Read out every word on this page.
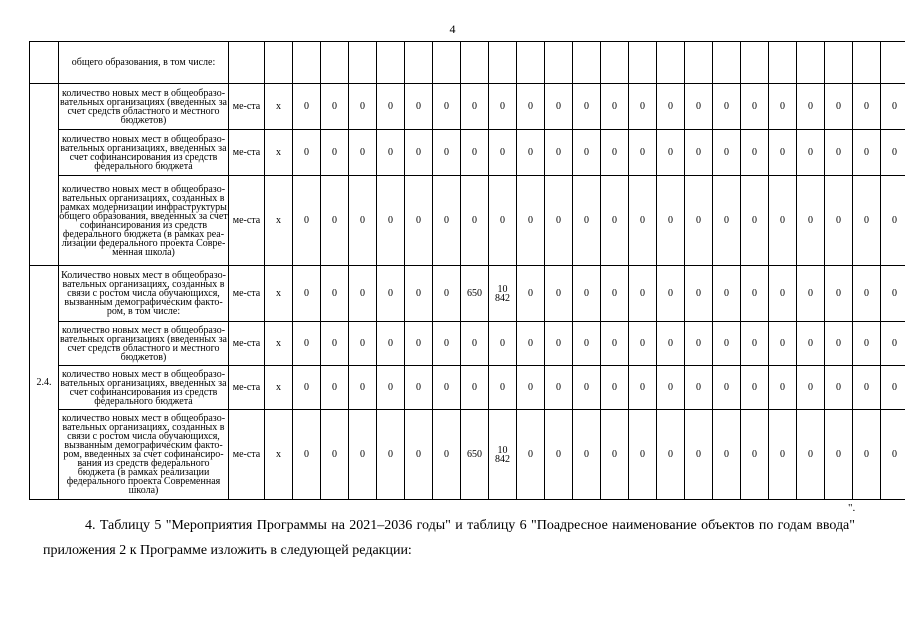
4
	общего образования, в том числе:																								
	количество новых мест в общеобразо-вательных организациях (введенных за счет средств областного и местного бюджетов)	ме-ста	х	0	0	0	0	0	0	0	0	0	0	0	0	0	0	0	0	0	0	0	0	0	0
	количество новых мест в общеобразо-вательных организациях, введенных за счет софинансирования из средств федерального бюджета	ме-ста	х	0	0	0	0	0	0	0	0	0	0	0	0	0	0	0	0	0	0	0	0	0	0
	количество новых мест в общеобразо-вательных организациях, созданных в рамках модернизации инфраструктуры общего образования, введенных за счет софинансирования из средств федерального бюджета (в рамках реа-лизации федерального проекта Совре-менная школа)	ме-ста	х	0	0	0	0	0	0	0	0	0	0	0	0	0	0	0	0	0	0	0	0	0	0
2.4.	Количество новых мест в общеобразо-вательных организациях, созданных в связи с ростом числа обучающихся, вызванным демографическим факто-ром, в том числе:	ме-ста	х	0	0	0	0	0	0	650	10 842	0	0	0	0	0	0	0	0	0	0	0	0	0	0
	количество новых мест в общеобразо-вательных организациях (введенных за счет средств областного и местного бюджетов)	ме-ста	х	0	0	0	0	0	0	0	0	0	0	0	0	0	0	0	0	0	0	0	0	0	0
	количество новых мест в общеобразо-вательных организациях, введенных за счет софинансирования из средств федерального бюджета	ме-ста	х	0	0	0	0	0	0	0	0	0	0	0	0	0	0	0	0	0	0	0	0	0	0
	количество новых мест в общеобразо-вательных организациях, созданных в связи с ростом числа обучающихся, вызванным демографическим факто-ром, введенных за счет софинансиро-вания из средств федерального бюджета (в рамках реализации федерального проекта Современная школа)	ме-ста	х	0	0	0	0	0	0	650	10 842	0	0	0	0	0	0	0	0	0	0	0	0	0	0
".
4. Таблицу 5 "Мероприятия Программы на 2021–2036 годы" и таблицу 6 "Поадресное наименование объектов по годам ввода" приложения 2 к Программе изложить в следующей редакции:
